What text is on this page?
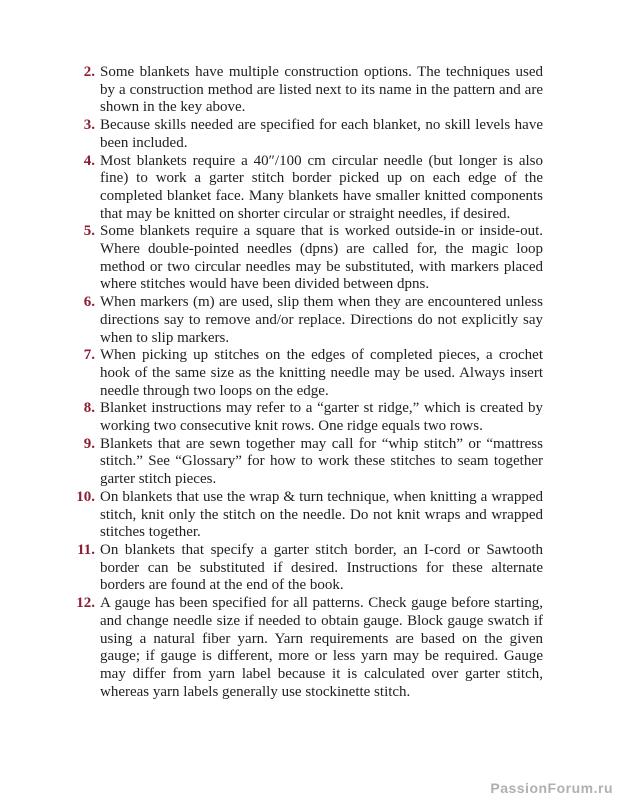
2. Some blankets have multiple construction options. The techniques used by a construction method are listed next to its name in the pattern and are shown in the key above.
3. Because skills needed are specified for each blanket, no skill levels have been included.
4. Most blankets require a 40″/100 cm circular needle (but longer is also fine) to work a garter stitch border picked up on each edge of the completed blanket face. Many blankets have smaller knitted components that may be knitted on shorter circular or straight needles, if desired.
5. Some blankets require a square that is worked outside-in or inside-out. Where double-pointed needles (dpns) are called for, the magic loop method or two circular needles may be substituted, with markers placed where stitches would have been divided between dpns.
6. When markers (m) are used, slip them when they are encountered unless directions say to remove and/or replace. Directions do not explicitly say when to slip markers.
7. When picking up stitches on the edges of completed pieces, a crochet hook of the same size as the knitting needle may be used. Always insert needle through two loops on the edge.
8. Blanket instructions may refer to a “garter st ridge,” which is created by working two consecutive knit rows. One ridge equals two rows.
9. Blankets that are sewn together may call for “whip stitch” or “mattress stitch.” See “Glossary” for how to work these stitches to seam together garter stitch pieces.
10. On blankets that use the wrap & turn technique, when knitting a wrapped stitch, knit only the stitch on the needle. Do not knit wraps and wrapped stitches together.
11. On blankets that specify a garter stitch border, an I-cord or Sawtooth border can be substituted if desired. Instructions for these alternate borders are found at the end of the book.
12. A gauge has been specified for all patterns. Check gauge before starting, and change needle size if needed to obtain gauge. Block gauge swatch if using a natural fiber yarn. Yarn requirements are based on the given gauge; if gauge is different, more or less yarn may be required. Gauge may differ from yarn label because it is calculated over garter stitch, whereas yarn labels generally use stockinette stitch.
PassionForum.ru
